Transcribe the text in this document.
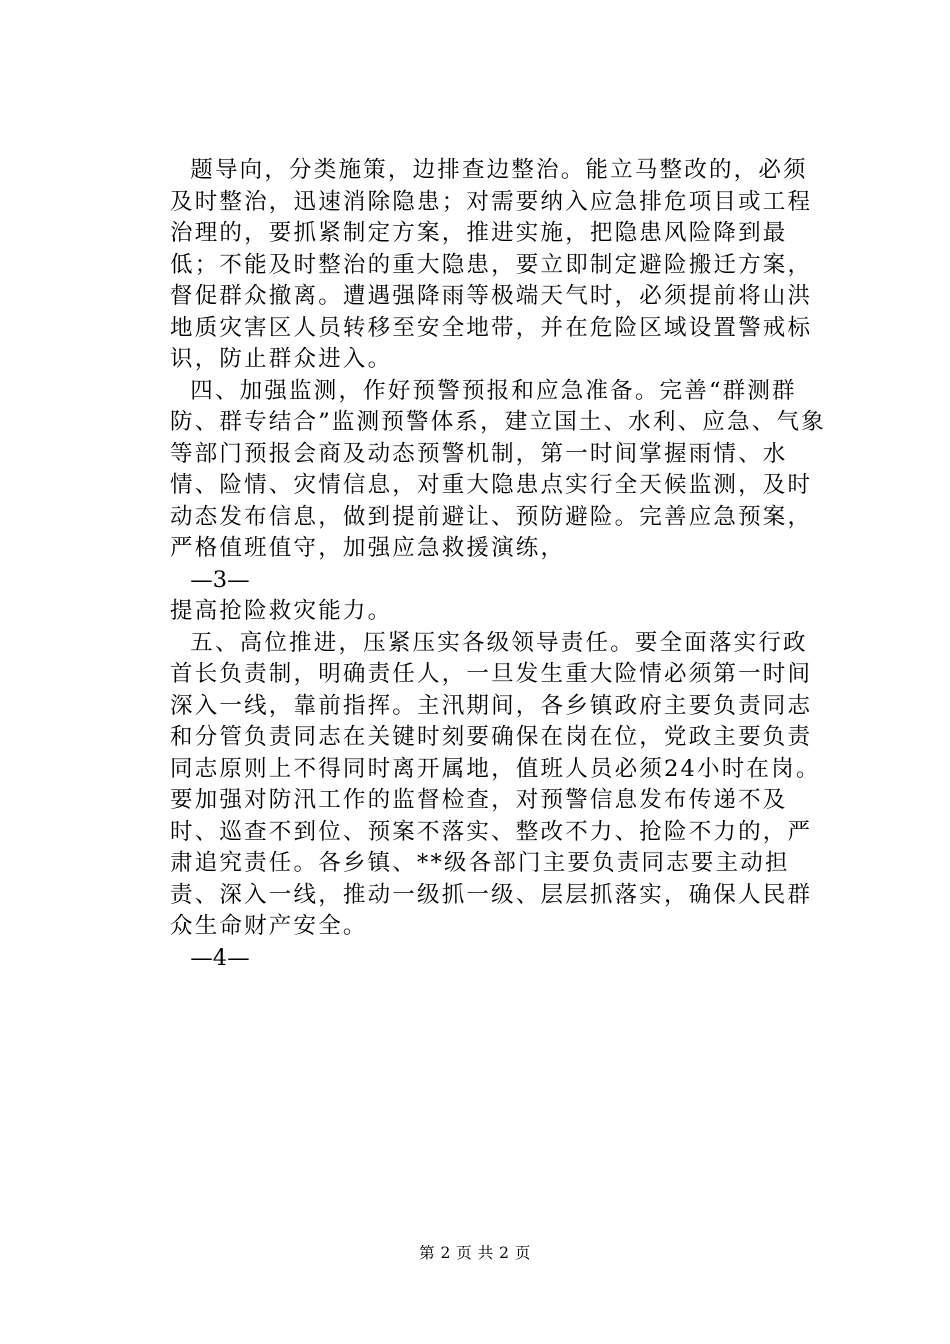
题导向，分类施策，边排查边整治。能立马整改的，必须及时整治，迅速消除隐患；对需要纳入应急排危项目或工程治理的，要抓紧制定方案，推进实施，把隐患风险降到最低；不能及时整治的重大隐患，要立即制定避险搬迁方案，督促群众撤离。遭遇强降雨等极端天气时，必须提前将山洪地质灾害区人员转移至安全地带，并在危险区域设置警戒标识，防止群众进入。

四、加强监测，作好预警预报和应急准备。完善“群测群防、群专结合”监测预警体系，建立国土、水利、应急、气象等部门预报会商及动态预警机制，第一时间掌握雨情、水情、险情、灾情信息，对重大隐患点实行全天候监测，及时动态发布信息，做到提前避让、预防避险。完善应急预案，严格值班值守，加强应急救援演练，

—3—

提高抢险救灾能力。

五、高位推进，压紧压实各级领导责任。要全面落实行政首长负责制，明确责任人，一旦发生重大险情必须第一时间深入一线，靠前指挥。主汛期间，各乡镇政府主要负责同志和分管负责同志在关键时刻要确保在岗在位，党政主要负责同志原则上不得同时离开属地，值班人员必须24小时在岗。要加强对防汛工作的监督检查，对预警信息发布传递不及时、巡查不到位、预案不落实、整改不力、抢险不力的，严肃追究责任。各乡镇、**级各部门主要负责同志要主动担责、深入一线，推动一级抓一级、层层抓落实，确保人民群众生命财产安全。

—4—

第 2 页 共 2 页
